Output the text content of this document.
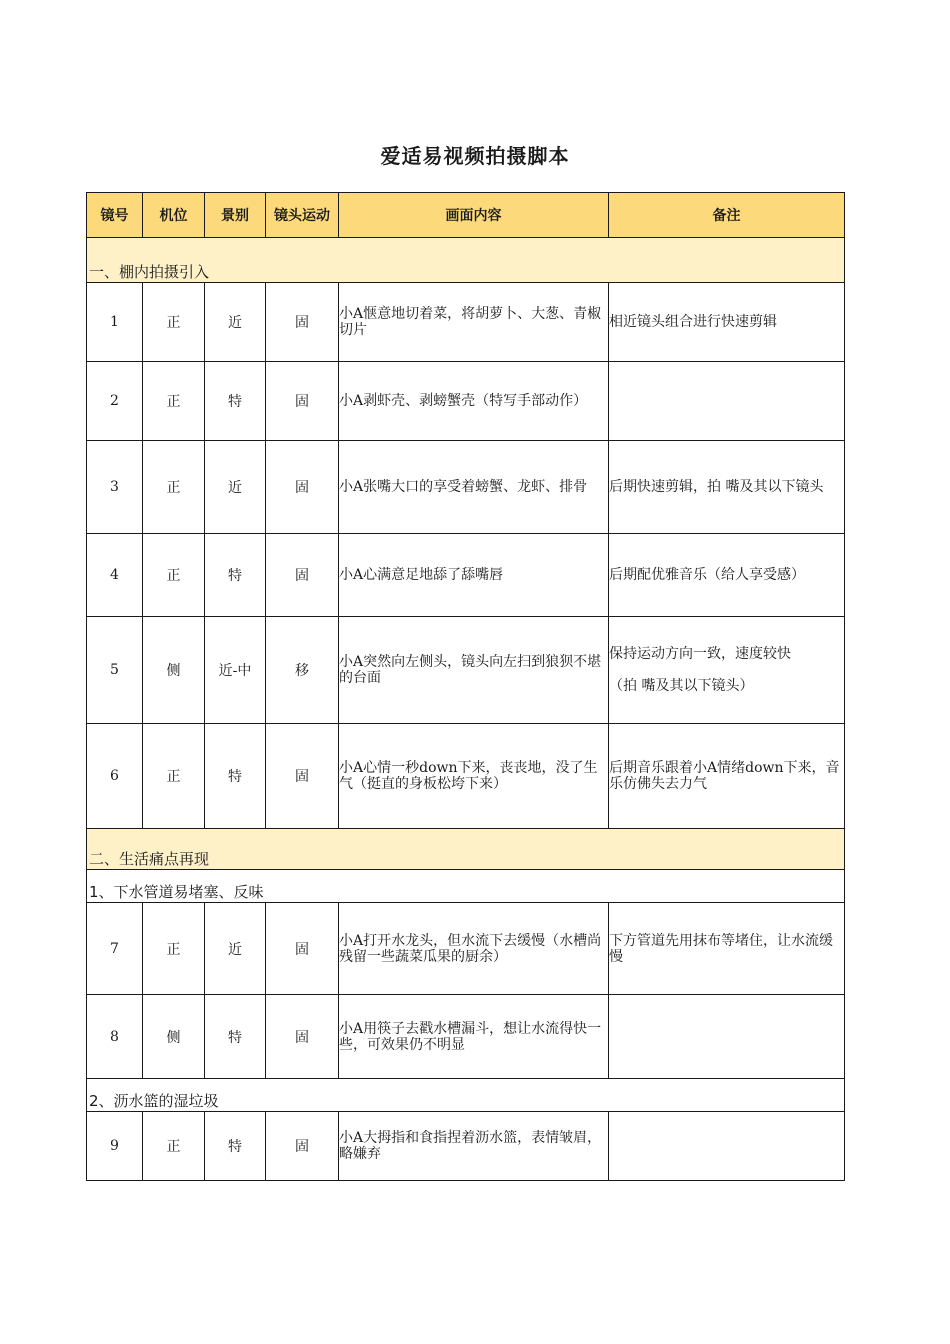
爱适易视频拍摄脚本
镜号	机位	景别	镜头运动	画面内容	备注
一、棚内拍摄引入					
1	正	近	固	小A惬意地切着菜，将胡萝卜、大葱、青椒切片	相近镜头组合进行快速剪辑
2	正	特	固	小A剥虾壳、剥螃蟹壳（特写手部动作）	
3	正	近	固	小A张嘴大口的享受着螃蟹、龙虾、排骨	后期快速剪辑，拍 嘴及其以下镜头
4	正	特	固	小A心满意足地舔了舔嘴唇	后期配优雅音乐（给人享受感）
5	侧	近-中	移	小A突然向左侧头，镜头向左扫到狼狈不堪的台面	保持运动方向一致，速度较快
（拍 嘴及其以下镜头）

6	正	特	固	小A心情一秒down下来，丧丧地，没了生气（挺直的身板松垮下来）	后期音乐跟着小A情绪down下来，音乐仿佛失去力气
二、生活痛点再现					
1、下水管道易堵塞、反味					
7	正	近	固	小A打开水龙头，但水流下去缓慢（水槽尚残留一些蔬菜瓜果的厨余）	下方管道先用抹布等堵住，让水流缓慢
8	侧	特	固	小A用筷子去戳水槽漏斗，想让水流得快一些，可效果仍不明显	
2、沥水篮的湿垃圾					
9	正	特	固	小A大拇指和食指捏着沥水篮，表情皱眉，略嫌弃	
